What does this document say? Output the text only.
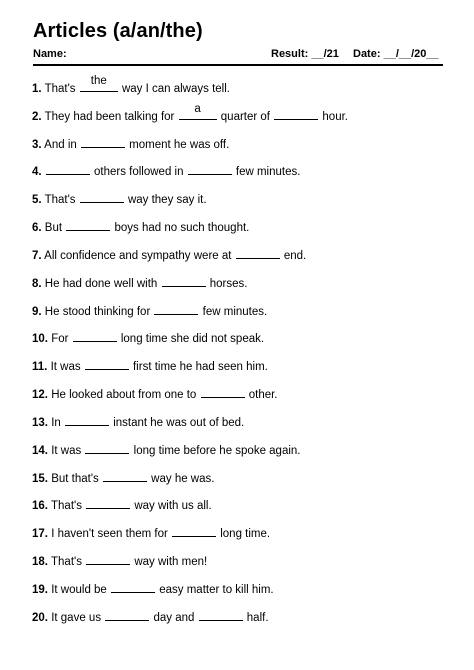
Articles (a/an/the)
Name:	Result: __/21 Date: __/__/20__
1. That's
the
way I can always tell.
2. They had been talking for
a
quarter of	hour.
3. And in	moment he was off.
4.	others followed in	few minutes.
5. That's	way they say it.
6. But	boys had no such thought.
7. All confidence and sympathy were at	end.
8. He had done well with	horses.
9. He stood thinking for	few minutes.
10. For	long time she did not speak.
11. It was	first time he had seen him.
12. He looked about from one to	other.
13. In	instant he was out of bed.
14. It was	long time before he spoke again.
15. But that's	way he was.
16. That's	way with us all.
17. I haven't seen them for	long time.
18. That's	way with men!
19. It would be	easy matter to kill him.
20. It gave us	day and	half.
